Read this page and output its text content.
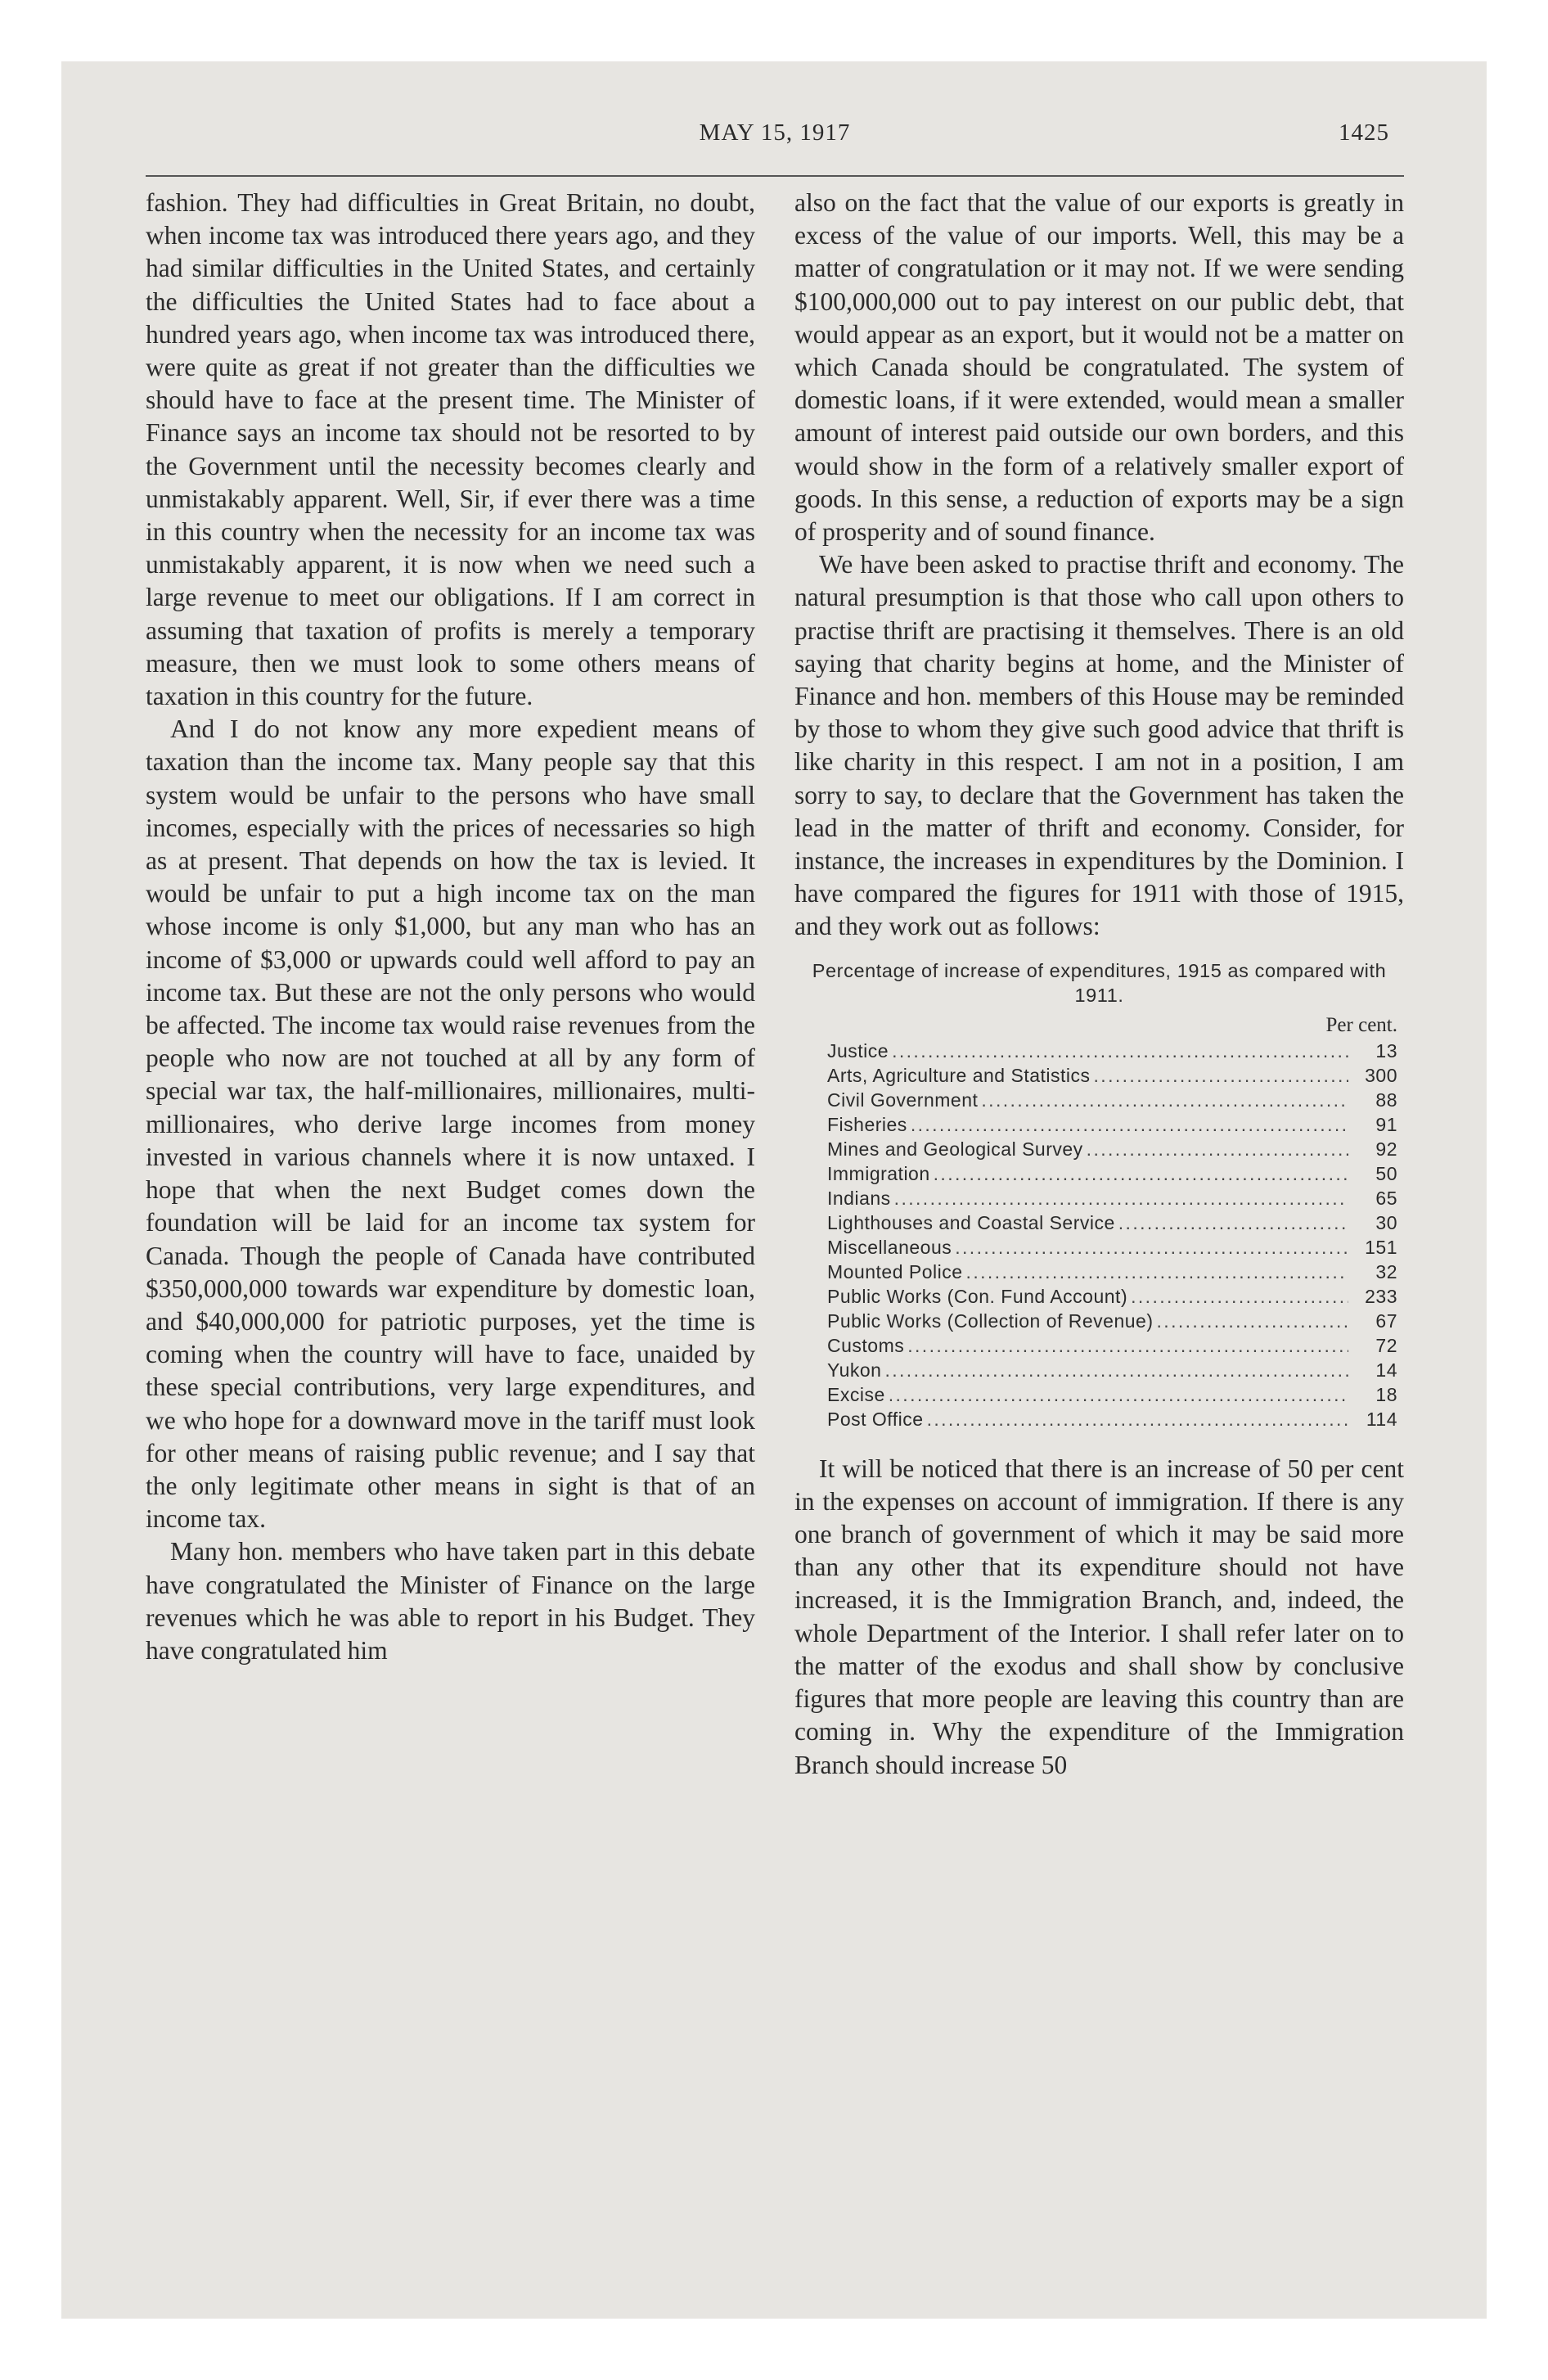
MAY 15, 1917	1425

fashion. They had difficulties in Great Britain, no doubt, when income tax was introduced there years ago, and they had similar difficulties in the United States, and certainly the difficulties the United States had to face about a hundred years ago, when income tax was introduced there, were quite as great if not greater than the difficulties we should have to face at the present time. The Minister of Finance says an income tax should not be resorted to by the Government until the necessity becomes clearly and unmistakably apparent. Well, Sir, if ever there was a time in this country when the necessity for an income tax was unmistakably apparent, it is now when we need such a large revenue to meet our obligations. If I am correct in assuming that taxation of profits is merely a temporary measure, then we must look to some others means of taxation in this country for the future.

And I do not know any more expedient means of taxation than the income tax. Many people say that this system would be unfair to the persons who have small incomes, especially with the prices of necessaries so high as at present. That depends on how the tax is levied. It would be unfair to put a high income tax on the man whose income is only $1,000, but any man who has an income of $3,000 or upwards could well afford to pay an income tax. But these are not the only persons who would be affected. The income tax would raise revenues from the people who now are not touched at all by any form of special war tax, the half-millionaires, millionaires, multi-millionaires, who derive large incomes from money invested in various channels where it is now untaxed. I hope that when the next Budget comes down the foundation will be laid for an income tax system for Canada. Though the people of Canada have contributed $350,000,000 towards war expenditure by domestic loan, and $40,000,000 for patriotic purposes, yet the time is coming when the country will have to face, unaided by these special contributions, very large expenditures, and we who hope for a downward move in the tariff must look for other means of raising public revenue; and I say that the only legitimate other means in sight is that of an income tax.

Many hon. members who have taken part in this debate have congratulated the Minister of Finance on the large revenues which he was able to report in his Budget. They have congratulated him

also on the fact that the value of our exports is greatly in excess of the value of our imports. Well, this may be a matter of congratulation or it may not. If we were sending $100,000,000 out to pay interest on our public debt, that would appear as an export, but it would not be a matter on which Canada should be congratulated. The system of domestic loans, if it were extended, would mean a smaller amount of interest paid outside our own borders, and this would show in the form of a relatively smaller export of goods. In this sense, a reduction of exports may be a sign of prosperity and of sound finance.

We have been asked to practise thrift and economy. The natural presumption is that those who call upon others to practise thrift are practising it themselves. There is an old saying that charity begins at home, and the Minister of Finance and hon. members of this House may be reminded by those to whom they give such good advice that thrift is like charity in this respect. I am not in a position, I am sorry to say, to declare that the Government has taken the lead in the matter of thrift and economy. Consider, for instance, the increases in expenditures by the Dominion. I have compared the figures for 1911 with those of 1915, and they work out as follows:

Percentage of increase of expenditures, 1915 as compared with 1911.
Per cent.
Justice . . .	13
Arts, Agriculture and Statistics . . .	300
Civil Government . . .	88
Fisheries . . .	91
Mines and Geological Survey . . .	92
Immigration . . .	50
Indians . . .	65
Lighthouses and Coastal Service . . .	30
Miscellaneous . . .	151
Mounted Police . . .	32
Public Works (Con. Fund Account) . . .	233
Public Works (Collection of Revenue) . . .	67
Customs . . .	72
Yukon . . .	14
Excise . . .	18
Post Office . . .	114

It will be noticed that there is an increase of 50 per cent in the expenses on account of immigration. If there is any one branch of government of which it may be said more than any other that its expenditure should not have increased, it is the Immigration Branch, and, indeed, the whole Department of the Interior. I shall refer later on to the matter of the exodus and shall show by conclusive figures that more people are leaving this country than are coming in. Why the expenditure of the Immigration Branch should increase 50
